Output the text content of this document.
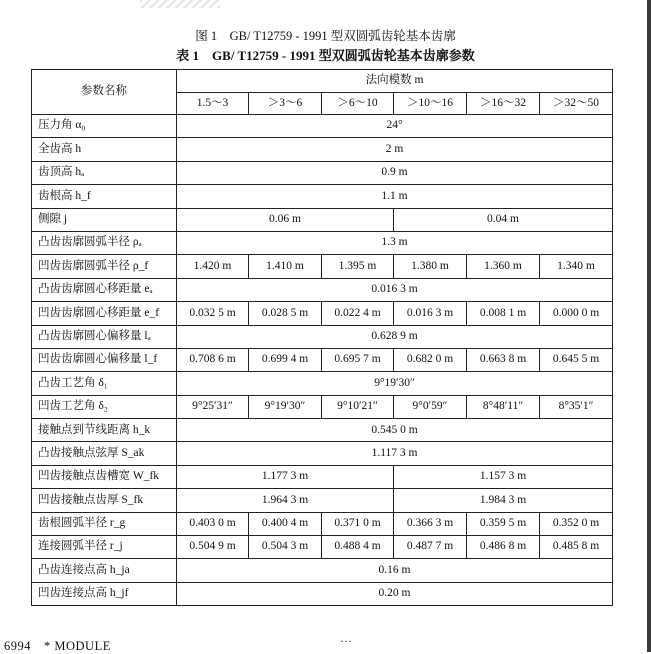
图 1　GB/ T12759 - 1991 型双圆弧齿轮基本齿廓
表 1　GB/ T12759 - 1991 型双圆弧齿轮基本齿廓参数
参数名称	法向模数 m					
	1.5～3	＞3～6	＞6～10	＞10～16	＞16～32	＞32～50
压力角 α₀	24°					
全齿高 h	2 m					
齿顶高 hₐ	0.9 m					
齿根高 h_f	1.1 m					
侧隙 j	0.06 m			0.04 m		
凸齿齿廓圆弧半径 ρₐ	1.3 m					
凹齿齿廓圆弧半径 ρ_f	1.420 m	1.410 m	1.395 m	1.380 m	1.360 m	1.340 m
凸齿齿廓圆心移距量 eₐ	0.016 3 m					
凹齿齿廓圆心移距量 e_f	0.032 5 m	0.028 5 m	0.022 4 m	0.016 3 m	0.008 1 m	0.000 0 m
凸齿齿廓圆心偏移量 lₐ	0.628 9 m					
凹齿齿廓圆心偏移量 l_f	0.708 6 m	0.699 4 m	0.695 7 m	0.682 0 m	0.663 8 m	0.645 5 m
凸齿工艺角 δ₁	9°19′30″					
凹齿工艺角 δ₂	9°25′31″	9°19′30″	9°10′21″	9°0′59″	8°48′11″	8°35′1″
接触点到节线距离 h_k	0.545 0 m					
凸齿接触点弦厚 S_ak	1.117 3 m					
凹齿接触点齿槽宽 W_fk	1.177 3 m			1.157 3 m		
凹齿接触点齿厚 S_fk	1.964 3 m			1.984 3 m		
齿根圆弧半径 r_g	0.403 0 m	0.400 4 m	0.371 0 m	0.366 3 m	0.359 5 m	0.352 0 m
连接圆弧半径 r_j	0.504 9 m	0.504 3 m	0.488 4 m	0.487 7 m	0.486 8 m	0.485 8 m
凸齿连接点高 h_ja	0.16 m					
凹齿连接点高 h_jf	0.20 m					
6994　* MODULE	···
